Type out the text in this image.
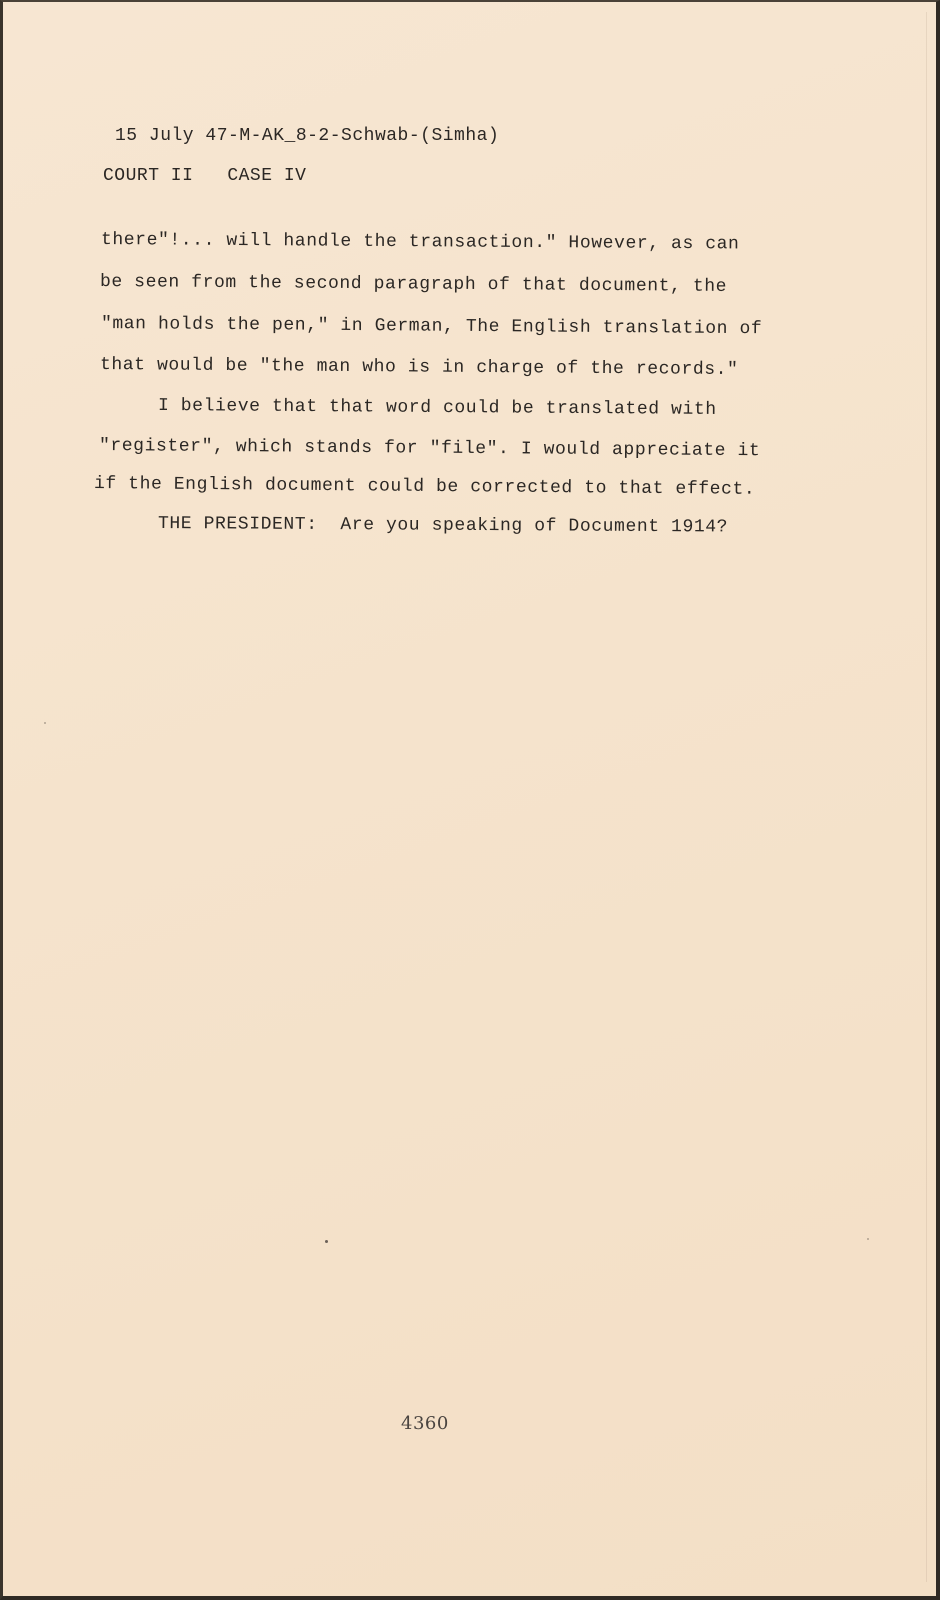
15 July 47-M-AK_8-2-Schwab-(Simha)
COURT II   CASE IV
there"!... will handle the transaction." However, as can
be seen from the second paragraph of that document, the
"man holds the pen," in German, The English translation of
that would be "the man who is in charge of the records."
I believe that that word could be translated with
"register", which stands for "file". I would appreciate it
if the English document could be corrected to that effect.
THE PRESIDENT:  Are you speaking of Document 1914?
4360
